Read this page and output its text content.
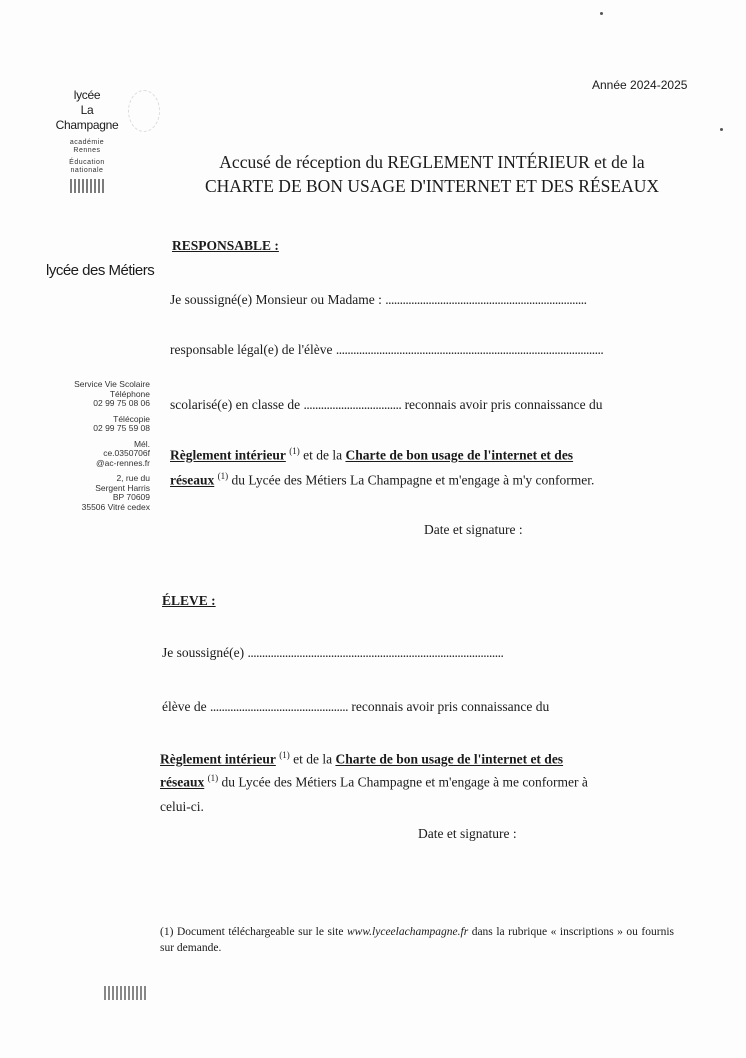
Année 2024-2025
lycée
La Champagne
académie
Rennes
Éducation
nationale	Accusé de réception du REGLEMENT INTÉRIEUR et de la
CHARTE DE BON USAGE D'INTERNET ET DES RÉSEAUX
lycée des Métiers

Service Vie Scolaire
Téléphone
02 99 75 08 06

Télécopie
02 99 75 59 08

Mél.
ce.0350706f
@ac-rennes.fr

2, rue du
Sergent Harris
BP 70609
35506 Vitré cedex

RESPONSABLE :
Je soussigné(e) Monsieur ou Madame : ......................................................................
responsable légal(e) de l'élève .............................................................................................
scolarisé(e) en classe de .................................. reconnais avoir pris connaissance du
Règlement intérieur $^{(1)}$ et de la Charte de bon usage de l'internet et des
réseaux $^{(1)}$ du Lycée des Métiers La Champagne et m'engage à m'y conformer.
Date et signature :
ÉLEVE :
Je soussigné(e) .........................................................................................
élève de ................................................ reconnais avoir pris connaissance du
Règlement intérieur $^{(1)}$ et de la Charte de bon usage de l'internet et des
réseaux $^{(1)}$ du Lycée des Métiers La Champagne et m'engage à me conformer à
celui-ci.
Date et signature :
(1) Document téléchargeable sur le site www.lyceelachampagne.fr dans la rubrique « inscriptions » ou fournis sur demande.
